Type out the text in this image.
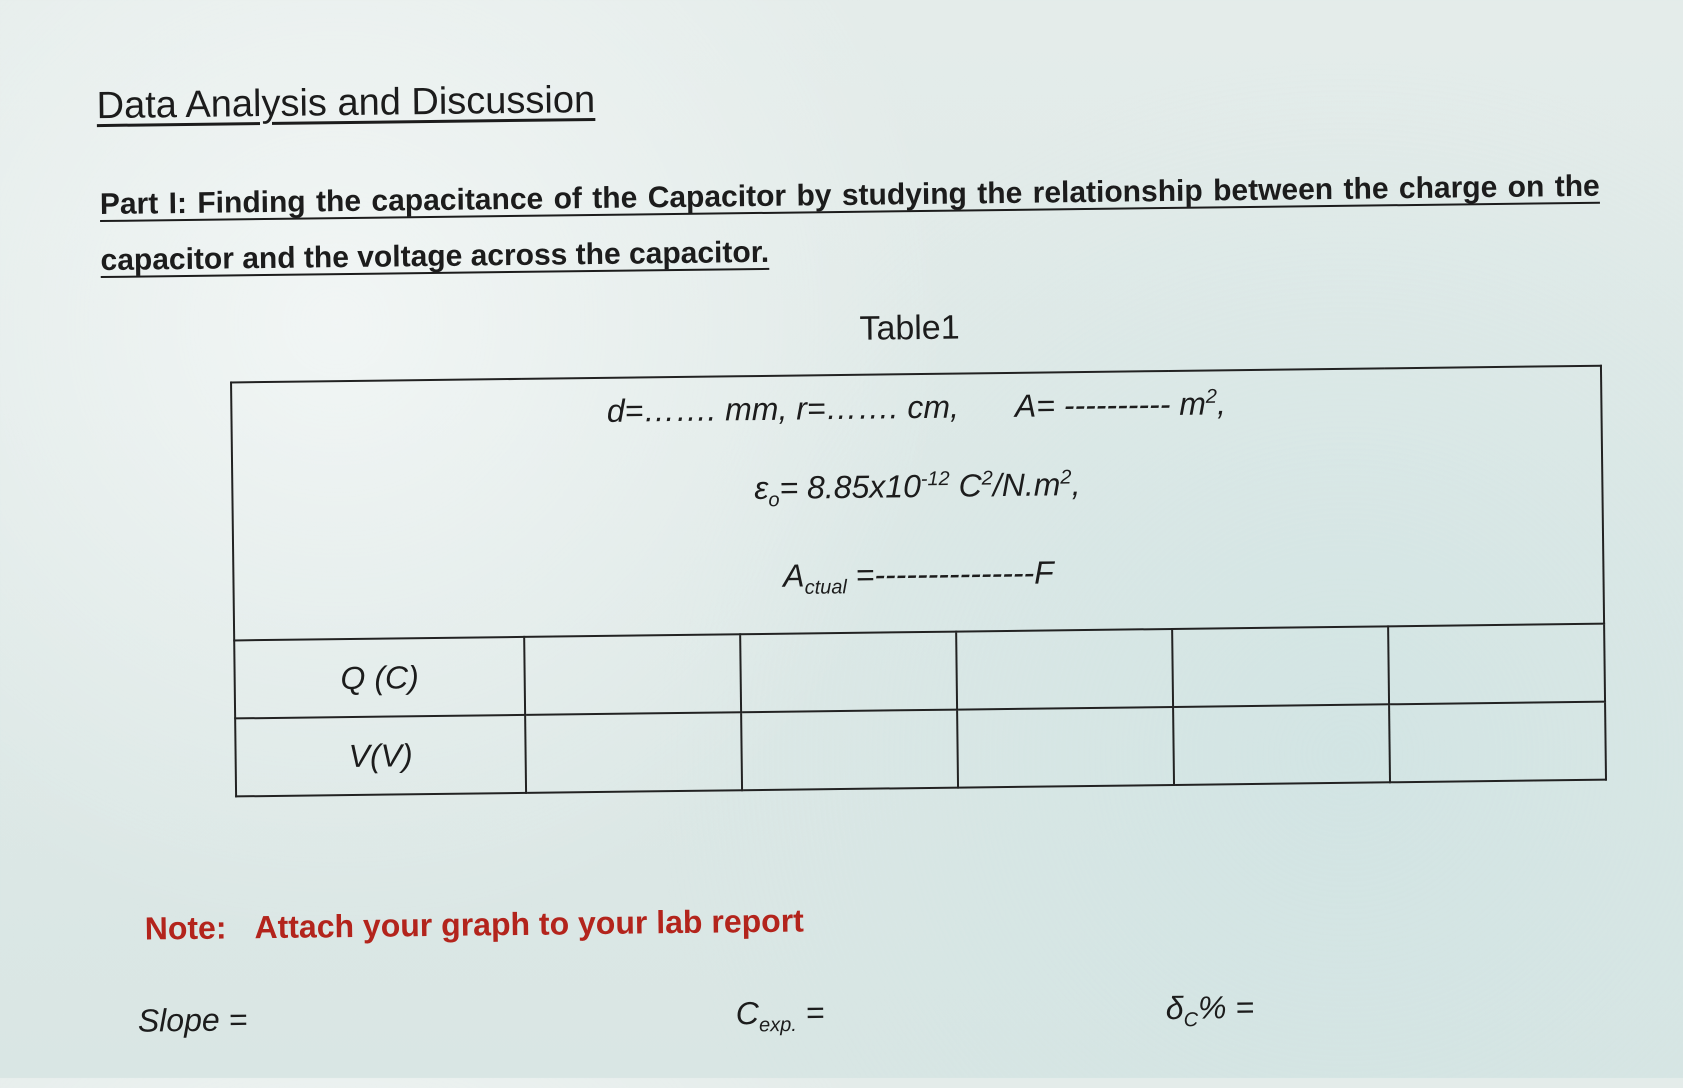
Data Analysis and Discussion

Part I: Finding the capacitance of the Capacitor by studying the relationship between the charge on the capacitor and the voltage across the capacitor.

Table1
d=……. mm, r=……. cm, A= ---------- $m^2$,
$\varepsilon_o= 8.85x10^{-12}$ $C^2/N.m^2$,
$A_{ctual} =---------------F$					

Q (C)					
V(V)					
Note: Attach your graph to your lab report
Slope =	$C_{exp.}$ =	$\delta_C\%$ =
